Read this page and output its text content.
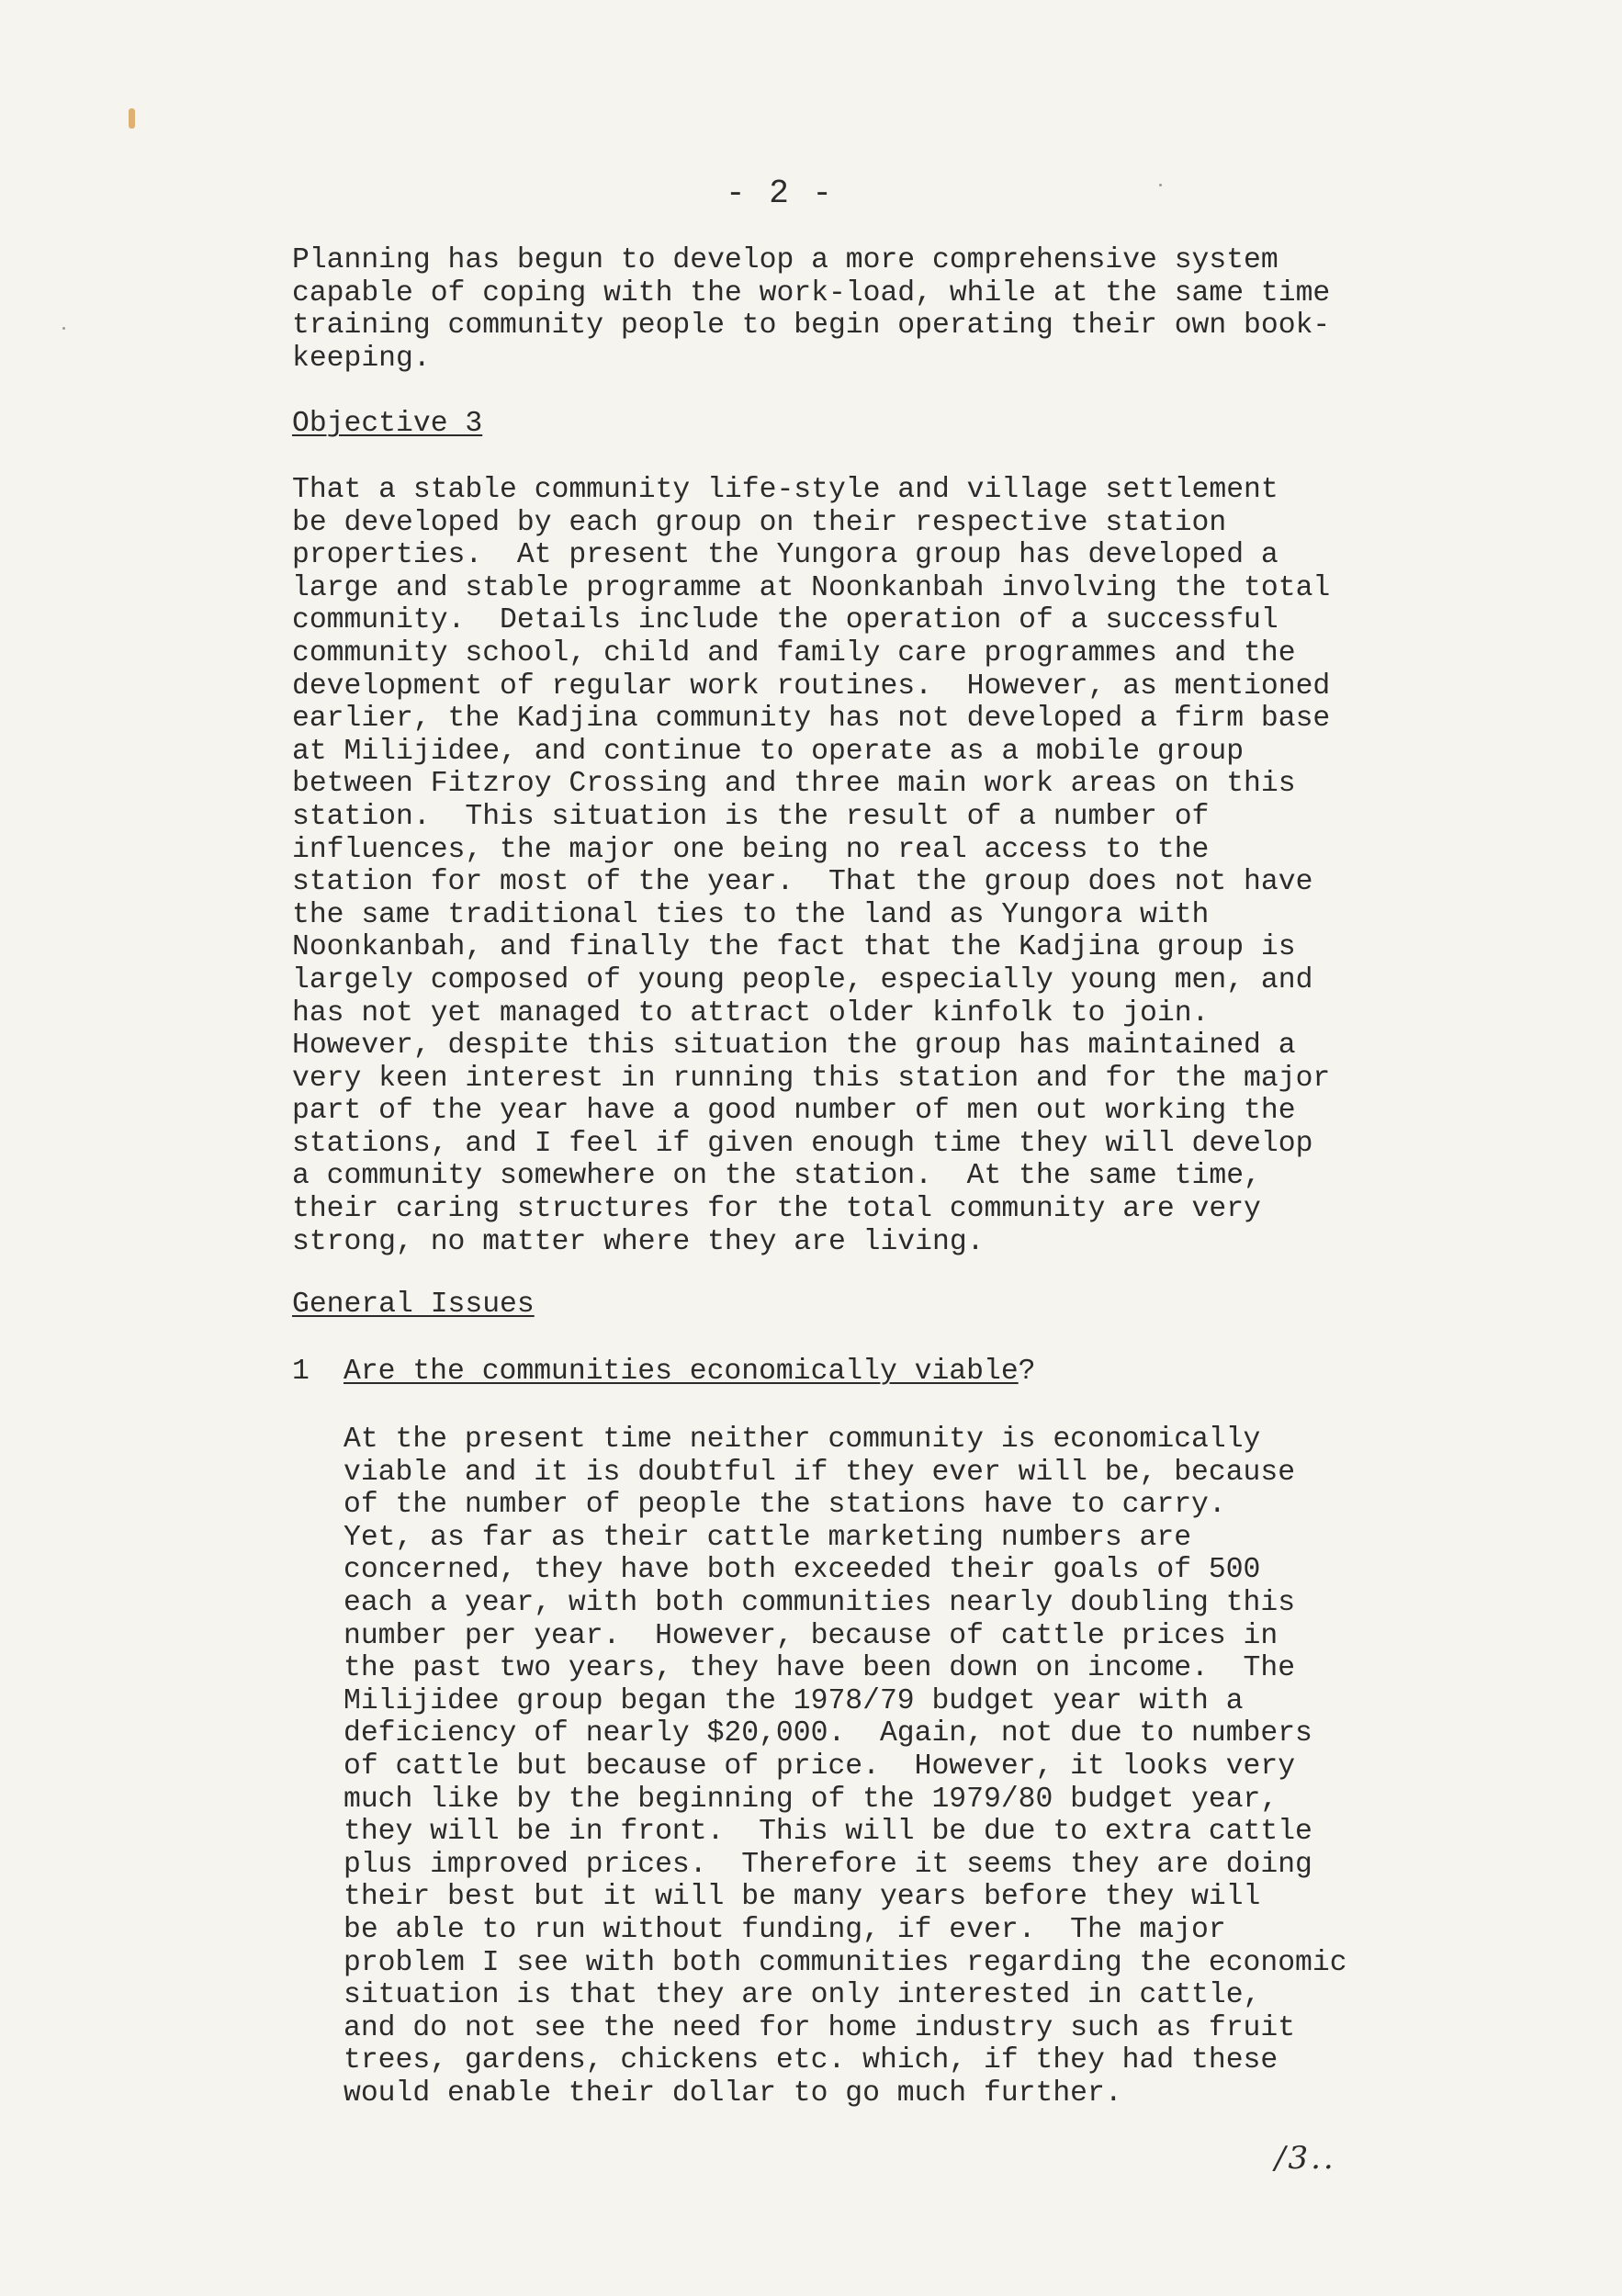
- 2 -

Planning has begun to develop a more comprehensive system
capable of coping with the work-load, while at the same time
training community people to begin operating their own book-
keeping.

Objective 3

That a stable community life-style and village settlement
be developed by each group on their respective station
properties.  At present the Yungora group has developed a
large and stable programme at Noonkanbah involving the total
community.  Details include the operation of a successful
community school, child and family care programmes and the
development of regular work routines.  However, as mentioned
earlier, the Kadjina community has not developed a firm base
at Milijidee, and continue to operate as a mobile group
between Fitzroy Crossing and three main work areas on this
station.  This situation is the result of a number of
influences, the major one being no real access to the
station for most of the year.  That the group does not have
the same traditional ties to the land as Yungora with
Noonkanbah, and finally the fact that the Kadjina group is
largely composed of young people, especially young men, and
has not yet managed to attract older kinfolk to join.
However, despite this situation the group has maintained a
very keen interest in running this station and for the major
part of the year have a good number of men out working the
stations, and I feel if given enough time they will develop
a community somewhere on the station.  At the same time,
their caring structures for the total community are very
strong, no matter where they are living.

General Issues
1 Are the communities economically viable?

At the present time neither community is economically
viable and it is doubtful if they ever will be, because
of the number of people the stations have to carry.
Yet, as far as their cattle marketing numbers are
concerned, they have both exceeded their goals of 500
each a year, with both communities nearly doubling this
number per year.  However, because of cattle prices in
the past two years, they have been down on income.  The
Milijidee group began the 1978/79 budget year with a
deficiency of nearly $20,000.  Again, not due to numbers
of cattle but because of price.  However, it looks very
much like by the beginning of the 1979/80 budget year,
they will be in front.  This will be due to extra cattle
plus improved prices.  Therefore it seems they are doing
their best but it will be many years before they will
be able to run without funding, if ever.  The major
problem I see with both communities regarding the economic
situation is that they are only interested in cattle,
and do not see the need for home industry such as fruit
trees, gardens, chickens etc. which, if they had these
would enable their dollar to go much further.

/3..
